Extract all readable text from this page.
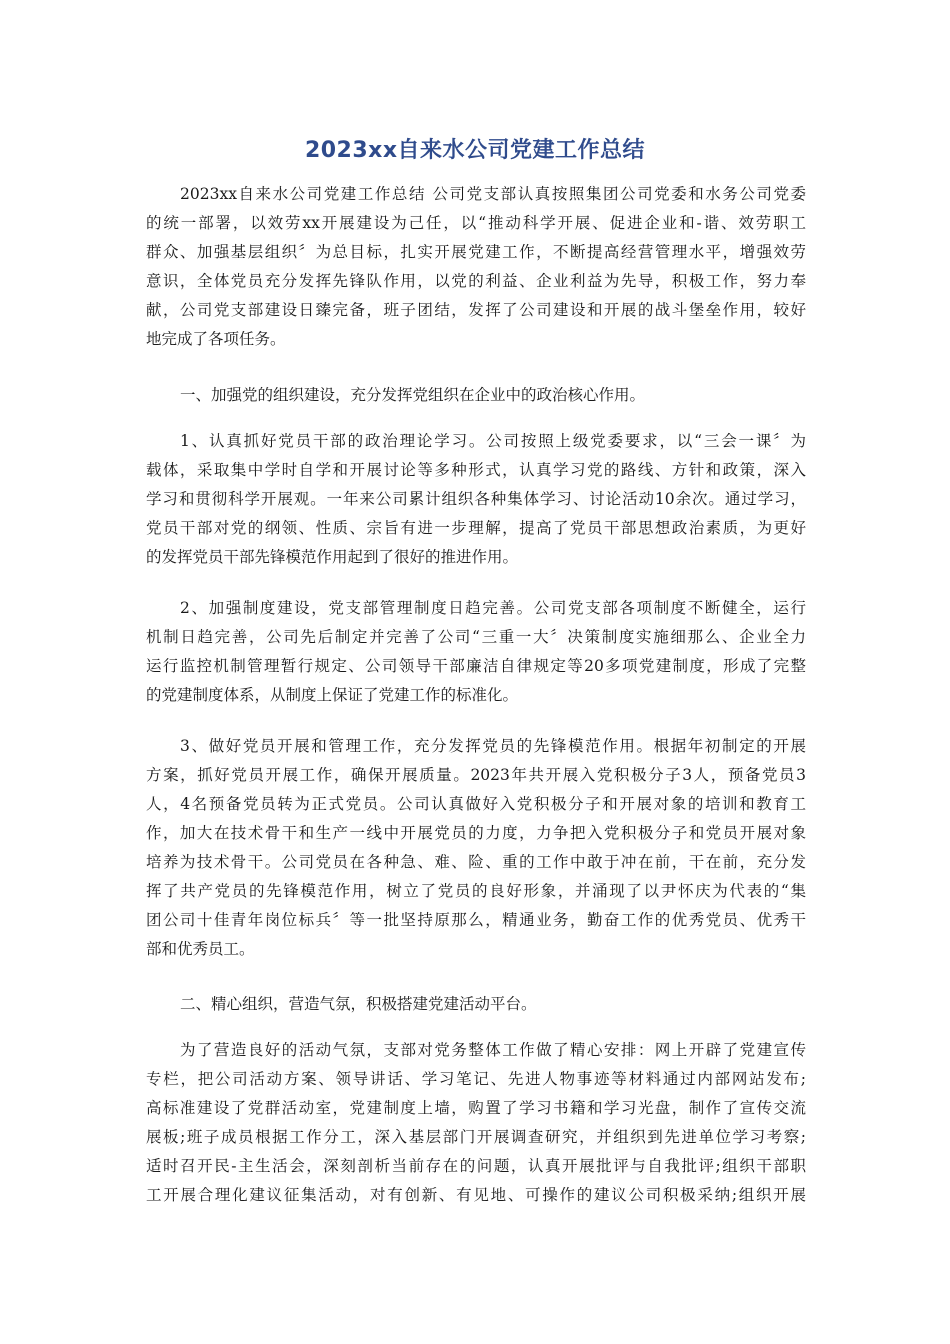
2023xx自来水公司党建工作总结
2023xx自来水公司党建工作总结 公司党支部认真按照集团公司党委和水务公司党委
的统一部署，以效劳xx开展建设为己任，以“推动科学开展、促进企业和-谐、效劳职工
群众、加强基层组织〞为总目标，扎实开展党建工作，不断提高经营管理水平，增强效劳
意识，全体党员充分发挥先锋队作用，以党的利益、企业利益为先导，积极工作，努力奉
献，公司党支部建设日臻完备，班子团结，发挥了公司建设和开展的战斗堡垒作用，较好
地完成了各项任务。
一、加强党的组织建设，充分发挥党组织在企业中的政治核心作用。
1、认真抓好党员干部的政治理论学习。公司按照上级党委要求，以“三会一课〞为
载体，采取集中学时自学和开展讨论等多种形式，认真学习党的路线、方针和政策，深入
学习和贯彻科学开展观。一年来公司累计组织各种集体学习、讨论活动10余次。通过学习，
党员干部对党的纲领、性质、宗旨有进一步理解，提高了党员干部思想政治素质，为更好
的发挥党员干部先锋模范作用起到了很好的推进作用。
2、加强制度建设，党支部管理制度日趋完善。公司党支部各项制度不断健全，运行
机制日趋完善，公司先后制定并完善了公司“三重一大〞决策制度实施细那么、企业全力
运行监控机制管理暂行规定、公司领导干部廉洁自律规定等20多项党建制度，形成了完整
的党建制度体系，从制度上保证了党建工作的标准化。
3、做好党员开展和管理工作，充分发挥党员的先锋模范作用。根据年初制定的开展
方案，抓好党员开展工作，确保开展质量。2023年共开展入党积极分子3人，预备党员3
人，4名预备党员转为正式党员。公司认真做好入党积极分子和开展对象的培训和教育工
作，加大在技术骨干和生产一线中开展党员的力度，力争把入党积极分子和党员开展对象
培养为技术骨干。公司党员在各种急、难、险、重的工作中敢于冲在前，干在前，充分发
挥了共产党员的先锋模范作用，树立了党员的良好形象，并涌现了以尹怀庆为代表的“集
团公司十佳青年岗位标兵〞等一批坚持原那么，精通业务，勤奋工作的优秀党员、优秀干
部和优秀员工。
二、精心组织，营造气氛，积极搭建党建活动平台。
为了营造良好的活动气氛，支部对党务整体工作做了精心安排：网上开辟了党建宣传
专栏，把公司活动方案、领导讲话、学习笔记、先进人物事迹等材料通过内部网站发布;
高标准建设了党群活动室，党建制度上墙，购置了学习书籍和学习光盘，制作了宣传交流
展板;班子成员根据工作分工，深入基层部门开展调查研究，并组织到先进单位学习考察;
适时召开民-主生活会，深刻剖析当前存在的问题，认真开展批评与自我批评;组织干部职
工开展合理化建议征集活动，对有创新、有见地、可操作的建议公司积极采纳;组织开展
